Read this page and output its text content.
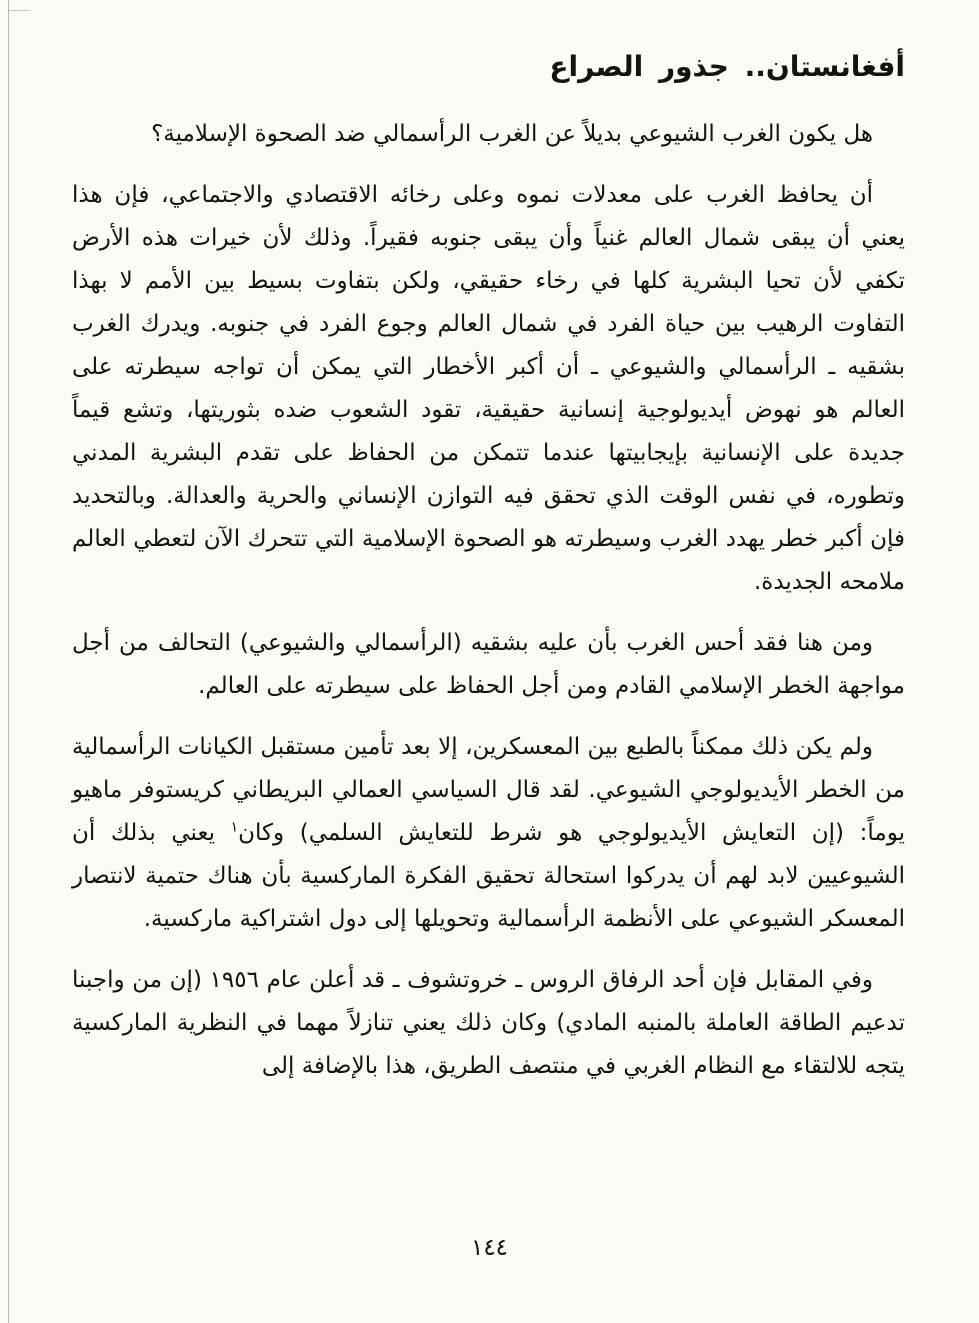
أفغانستان.. جذور الصراع

هل يكون الغرب الشيوعي بديلاً عن الغرب الرأسمالي ضد الصحوة الإسلامية؟

أن يحافظ الغرب على معدلات نموه وعلى رخائه الاقتصادي والاجتماعي، فإن هذا يعني أن يبقى شمال العالم غنياً وأن يبقى جنوبه فقيراً. وذلك لأن خيرات هذه الأرض تكفي لأن تحيا البشرية كلها في رخاء حقيقي، ولكن بتفاوت بسيط بين الأمم لا بهذا التفاوت الرهيب بين حياة الفرد في شمال العالم وجوع الفرد في جنوبه. ويدرك الغرب بشقيه ـ الرأسمالي والشيوعي ـ أن أكبر الأخطار التي يمكن أن تواجه سيطرته على العالم هو نهوض أيديولوجية إنسانية حقيقية، تقود الشعوب ضده بثوريتها، وتشع قيماً جديدة على الإنسانية بإيجابيتها عندما تتمكن من الحفاظ على تقدم البشرية المدني وتطوره، في نفس الوقت الذي تحقق فيه التوازن الإنساني والحرية والعدالة. وبالتحديد فإن أكبر خطر يهدد الغرب وسيطرته هو الصحوة الإسلامية التي تتحرك الآن لتعطي العالم ملامحه الجديدة.

ومن هنا فقد أحس الغرب بأن عليه بشقيه (الرأسمالي والشيوعي) التحالف من أجل مواجهة الخطر الإسلامي القادم ومن أجل الحفاظ على سيطرته على العالم.

ولم يكن ذلك ممكناً بالطبع بين المعسكرين، إلا بعد تأمين مستقبل الكيانات الرأسمالية من الخطر الأيديولوجي الشيوعي. لقد قال السياسي العمالي البريطاني كريستوفر ماهيو يوماً: (إن التعايش الأيديولوجي هو شرط للتعايش السلمي) وكان$^١$ يعني بذلك أن الشيوعيين لابد لهم أن يدركوا استحالة تحقيق الفكرة الماركسية بأن هناك حتمية لانتصار المعسكر الشيوعي على الأنظمة الرأسمالية وتحويلها إلى دول اشتراكية ماركسية.

وفي المقابل فإن أحد الرفاق الروس ـ خروتشوف ـ قد أعلن عام ١٩٥٦ (إن من واجبنا تدعيم الطاقة العاملة بالمنبه المادي) وكان ذلك يعني تنازلاً مهما في النظرية الماركسية يتجه للالتقاء مع النظام الغربي في منتصف الطريق، هذا بالإضافة إلى

١٤٤
